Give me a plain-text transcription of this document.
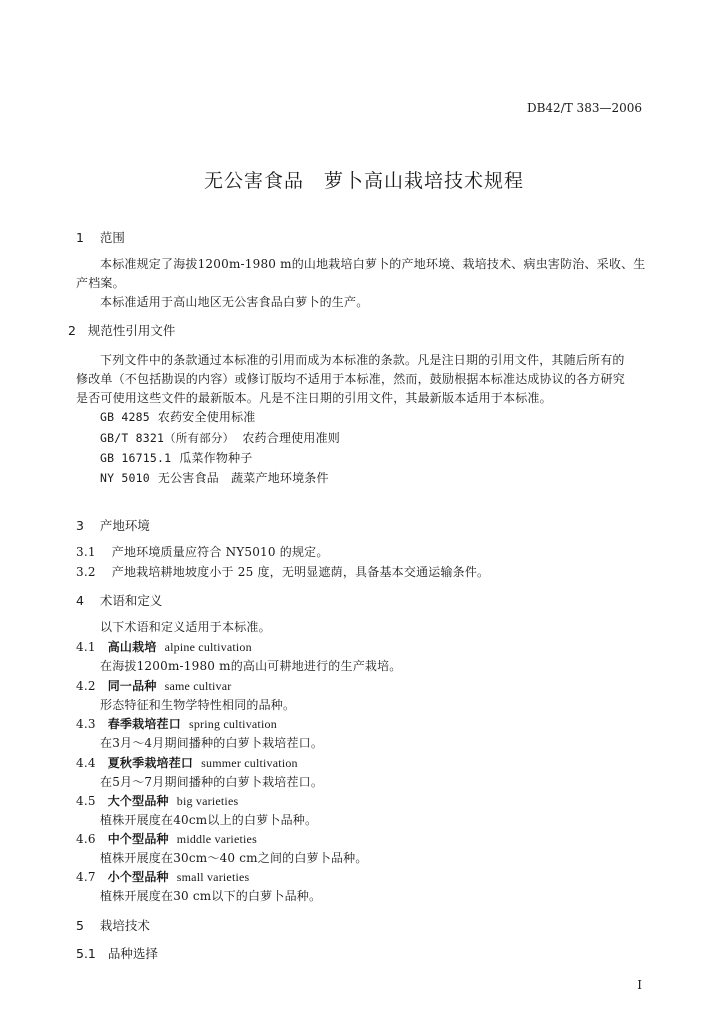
DB42/T 383—2006
无公害食品　萝卜高山栽培技术规程
1 范围
本标准规定了海拔1200m-1980 m的山地栽培白萝卜的产地环境、栽培技术、病虫害防治、采收、生
产档案。
本标准适用于高山地区无公害食品白萝卜的生产。
2 规范性引用文件
下列文件中的条款通过本标准的引用而成为本标准的条款。凡是注日期的引用文件，其随后所有的
修改单（不包括勘误的内容）或修订版均不适用于本标准，然而，鼓励根据本标准达成协议的各方研究
是否可使用这些文件的最新版本。凡是不注日期的引用文件，其最新版本适用于本标准。
GB 4285 农药安全使用标准
GB/T 8321（所有部分） 农药合理使用准则
GB 16715.1 瓜菜作物种子
NY 5010 无公害食品　蔬菜产地环境条件
3 产地环境
3.1 产地环境质量应符合 NY5010 的规定。
3.2 产地栽培耕地坡度小于 25 度，无明显遮荫，具备基本交通运输条件。
4 术语和定义
以下术语和定义适用于本标准。
4.1 高山栽培 alpine cultivation
在海拔1200m-1980 m的高山可耕地进行的生产栽培。
4.2 同一品种 same cultivar
形态特征和生物学特性相同的品种。
4.3 春季栽培茬口 spring cultivation
在3月～4月期间播种的白萝卜栽培茬口。
4.4 夏秋季栽培茬口 summer cultivation
在5月～7月期间播种的白萝卜栽培茬口。
4.5 大个型品种 big varieties
植株开展度在40cm以上的白萝卜品种。
4.6 中个型品种 middle varieties
植株开展度在30cm～40 cm之间的白萝卜品种。
4.7 小个型品种 small varieties
植株开展度在30 cm以下的白萝卜品种。
5 栽培技术
5.1 品种选择
I
